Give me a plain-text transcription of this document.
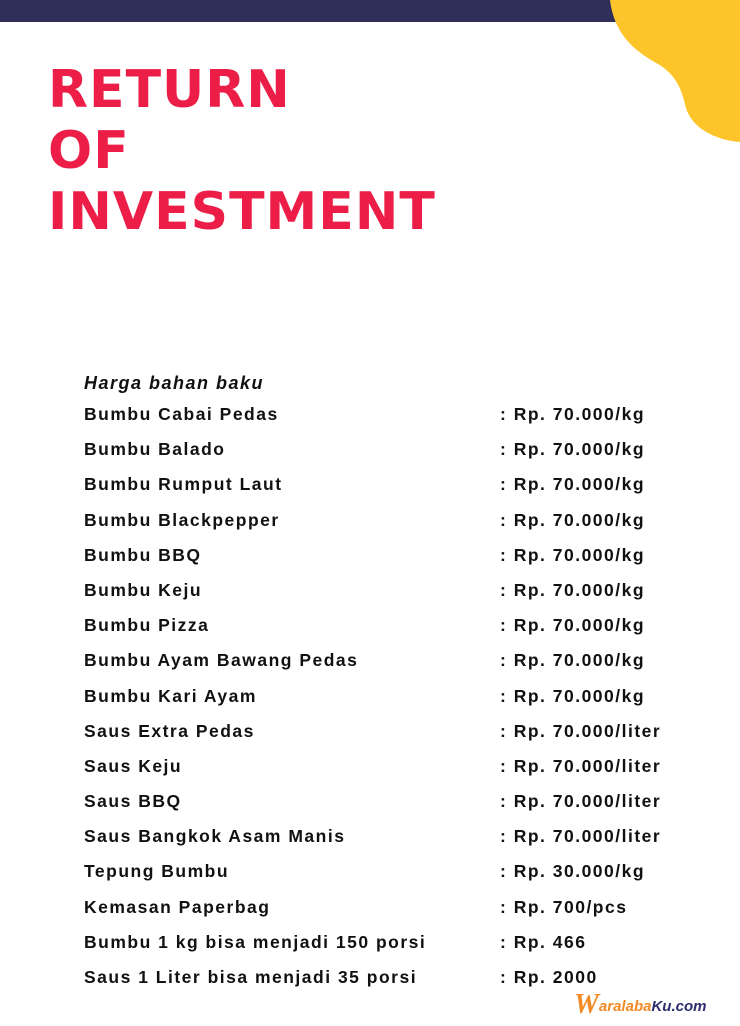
RETURN
OF
INVESTMENT
Harga bahan baku
Bumbu Cabai Pedas	: Rp. 70.000/kg
Bumbu Balado	: Rp. 70.000/kg
Bumbu Rumput Laut	: Rp. 70.000/kg
Bumbu Blackpepper	: Rp. 70.000/kg
Bumbu BBQ	: Rp. 70.000/kg
Bumbu Keju	: Rp. 70.000/kg
Bumbu Pizza	: Rp. 70.000/kg
Bumbu Ayam Bawang Pedas	: Rp. 70.000/kg
Bumbu Kari Ayam	: Rp. 70.000/kg
Saus Extra Pedas	: Rp. 70.000/liter
Saus Keju	: Rp. 70.000/liter
Saus BBQ	: Rp. 70.000/liter
Saus Bangkok Asam Manis	: Rp. 70.000/liter
Tepung Bumbu	: Rp. 30.000/kg
Kemasan Paperbag	: Rp. 700/pcs
Bumbu 1 kg bisa menjadi 150 porsi	: Rp. 466
Saus 1 Liter bisa menjadi 35 porsi	: Rp. 2000
WaralabaKu.com
